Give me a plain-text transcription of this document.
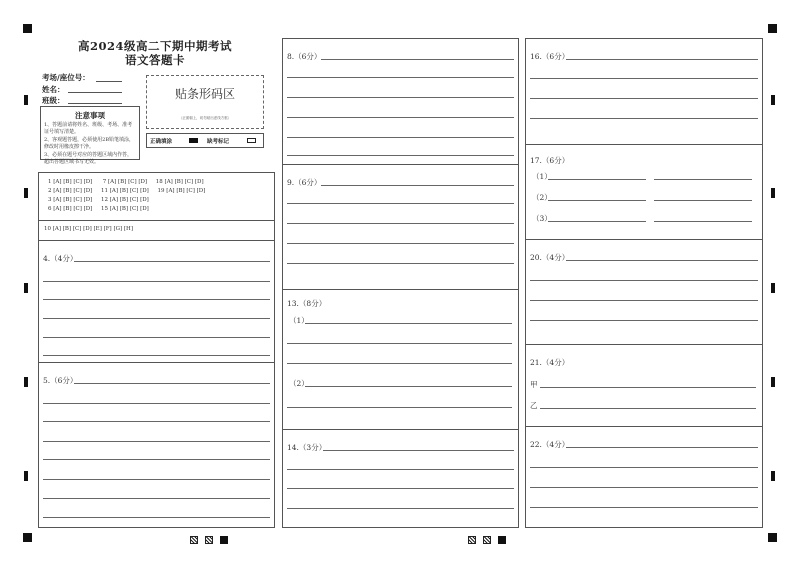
高2024级高二下期中期考试
语文答题卡
考场/座位号：
姓名：
班级：
注意事项
1、答题前请将姓名、班级、考场、准考证号填写清楚。
2、客观题答题，必须使用2B铅笔填涂，修改时用橡皮擦干净。
3、必须在题号对应的答题区域内作答，超出答题区域书写无效。
贴条形码区
（正面朝上，切勿贴出虚线方框）
正确填涂	缺考标记
1 [A] [B] [C] [D]      7 [A] [B] [C] [D]     18 [A] [B] [C] [D]
2 [A] [B] [C] [D]     11 [A] [B] [C] [D]     19 [A] [B] [C] [D]
3 [A] [B] [C] [D]     12 [A] [B] [C] [D]
6 [A] [B] [C] [D]     15 [A] [B] [C] [D]
10 [A] [B] [C] [D] [E] [F] [G] [H]
4.（4分）
5.（6分）
8.（6分）
9.（6分）
13.（8分）
（1）
（2）
14.（3分）
16.（6分）
17.（6分）
（1）
（2）
（3）
20.（4分）
21.（4分）
甲
乙
22.（4分）
